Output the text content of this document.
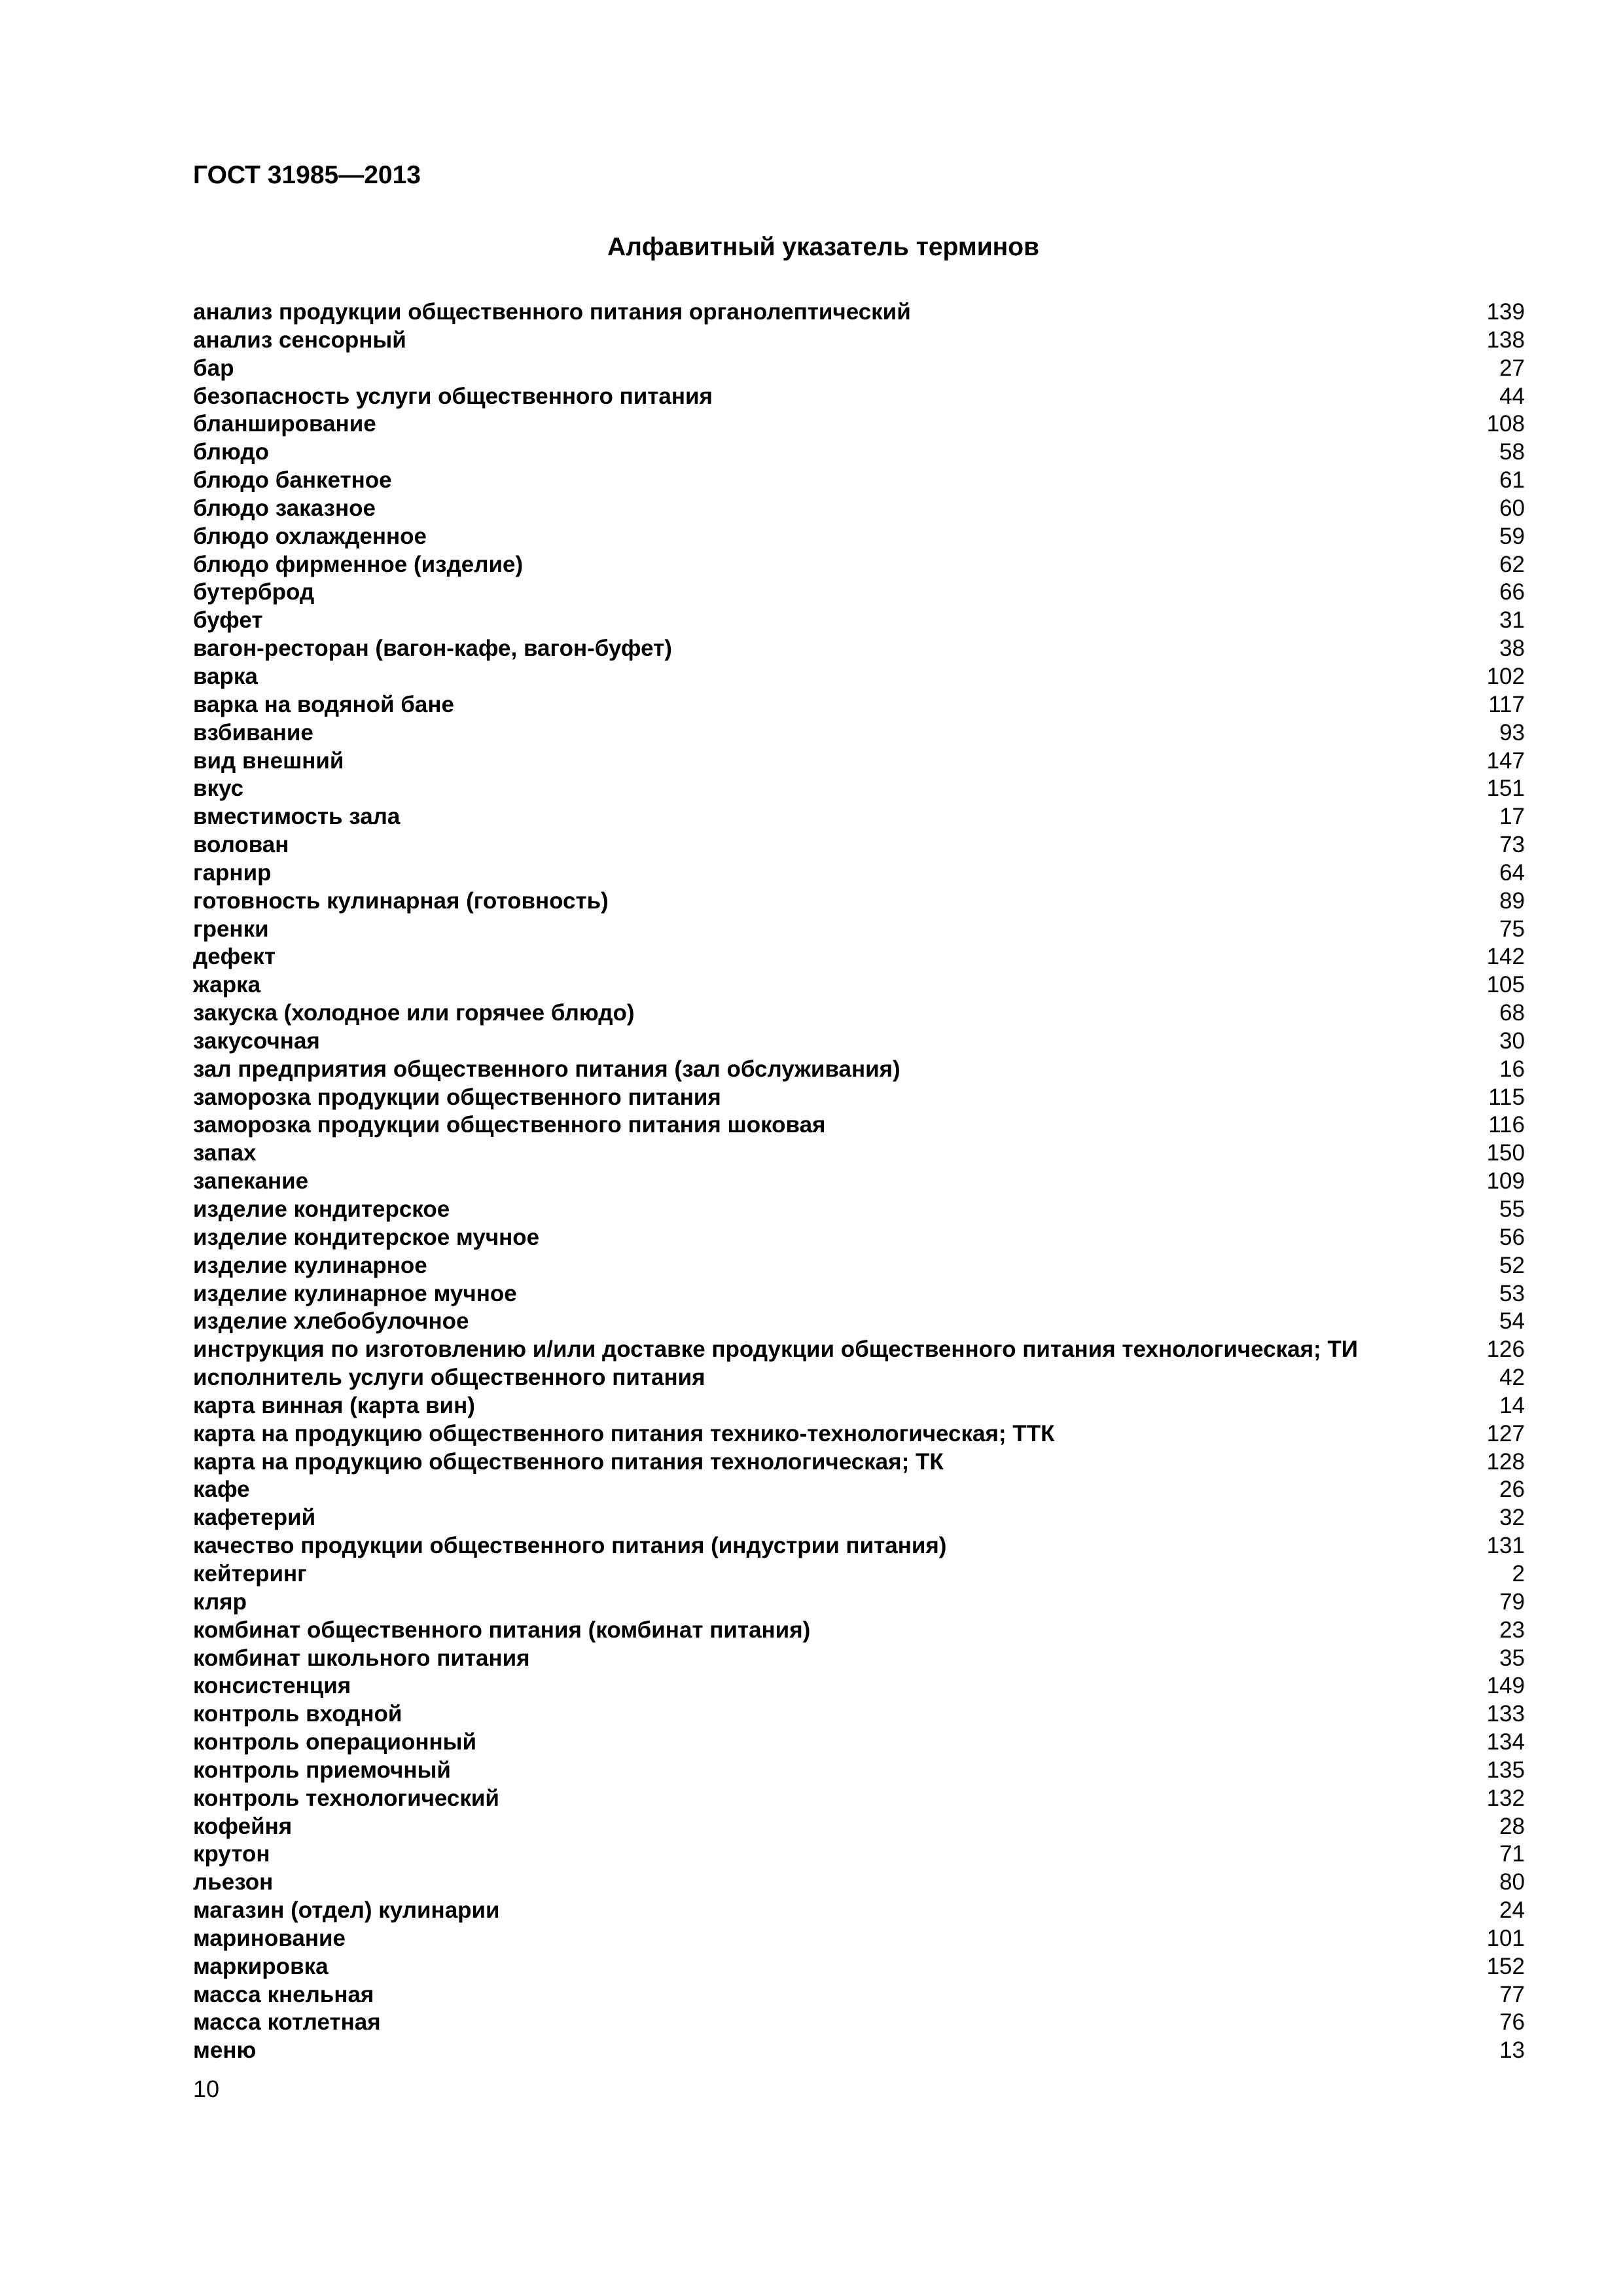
ГОСТ 31985—2013
Алфавитный указатель терминов
анализ продукции общественного питания органолептический	139
анализ сенсорный	138
бар	27
безопасность услуги общественного питания	44
бланширование	108
блюдо	58
блюдо банкетное	61
блюдо заказное	60
блюдо охлажденное	59
блюдо фирменное (изделие)	62
бутерброд	66
буфет	31
вагон-ресторан (вагон-кафе, вагон-буфет)	38
варка	102
варка на водяной бане	117
взбивание	93
вид внешний	147
вкус	151
вместимость зала	17
волован	73
гарнир	64
готовность кулинарная (готовность)	89
гренки	75
дефект	142
жарка	105
закуска (холодное или горячее блюдо)	68
закусочная	30
зал предприятия общественного питания (зал обслуживания)	16
заморозка продукции общественного питания	115
заморозка продукции общественного питания шоковая	116
запах	150
запекание	109
изделие кондитерское	55
изделие кондитерское мучное	56
изделие кулинарное	52
изделие кулинарное мучное	53
изделие хлебобулочное	54
инструкция по изготовлению и/или доставке продукции общественного питания технологическая; ТИ	126
исполнитель услуги общественного питания	42
карта винная (карта вин)	14
карта на продукцию общественного питания технико-технологическая; ТТК	127
карта на продукцию общественного питания технологическая; ТК	128
кафе	26
кафетерий	32
качество продукции общественного питания (индустрии питания)	131
кейтеринг	2
кляр	79
комбинат общественного питания (комбинат питания)	23
комбинат школьного питания	35
консистенция	149
контроль входной	133
контроль операционный	134
контроль приемочный	135
контроль технологический	132
кофейня	28
крутон	71
льезон	80
магазин (отдел) кулинарии	24
маринование	101
маркировка	152
масса кнельная	77
масса котлетная	76
меню	13
10
